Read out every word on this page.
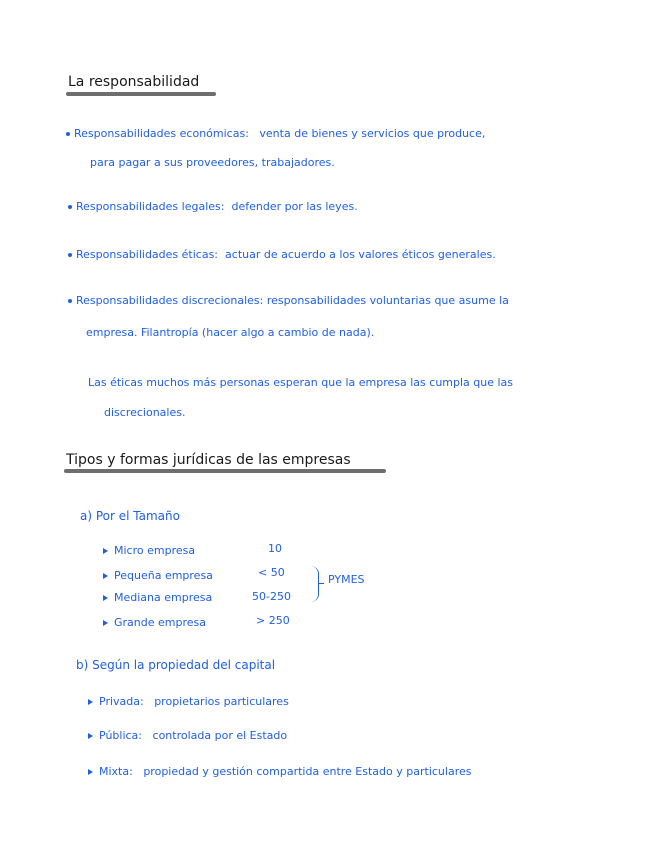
La responsabilidad
Responsabilidades económicas: venta de bienes y servicios que produce,
para pagar a sus proveedores, trabajadores.
Responsabilidades legales: defender por las leyes.
Responsabilidades éticas: actuar de acuerdo a los valores éticos generales.
Responsabilidades discrecionales: responsabilidades voluntarias que asume la
empresa. Filantropía (hacer algo a cambio de nada).
Las éticas muchos más personas esperan que la empresa las cumpla que las
discrecionales.
Tipos y formas jurídicas de las empresas
a) Por el Tamaño
Micro empresa	10
Pequeña empresa	< 50
Mediana empresa	50-250
Grande empresa	> 250
PYMES
b) Según la propiedad del capital
Privada: propietarios particulares
Pública: controlada por el Estado
Mixta: propiedad y gestión compartida entre Estado y particulares
